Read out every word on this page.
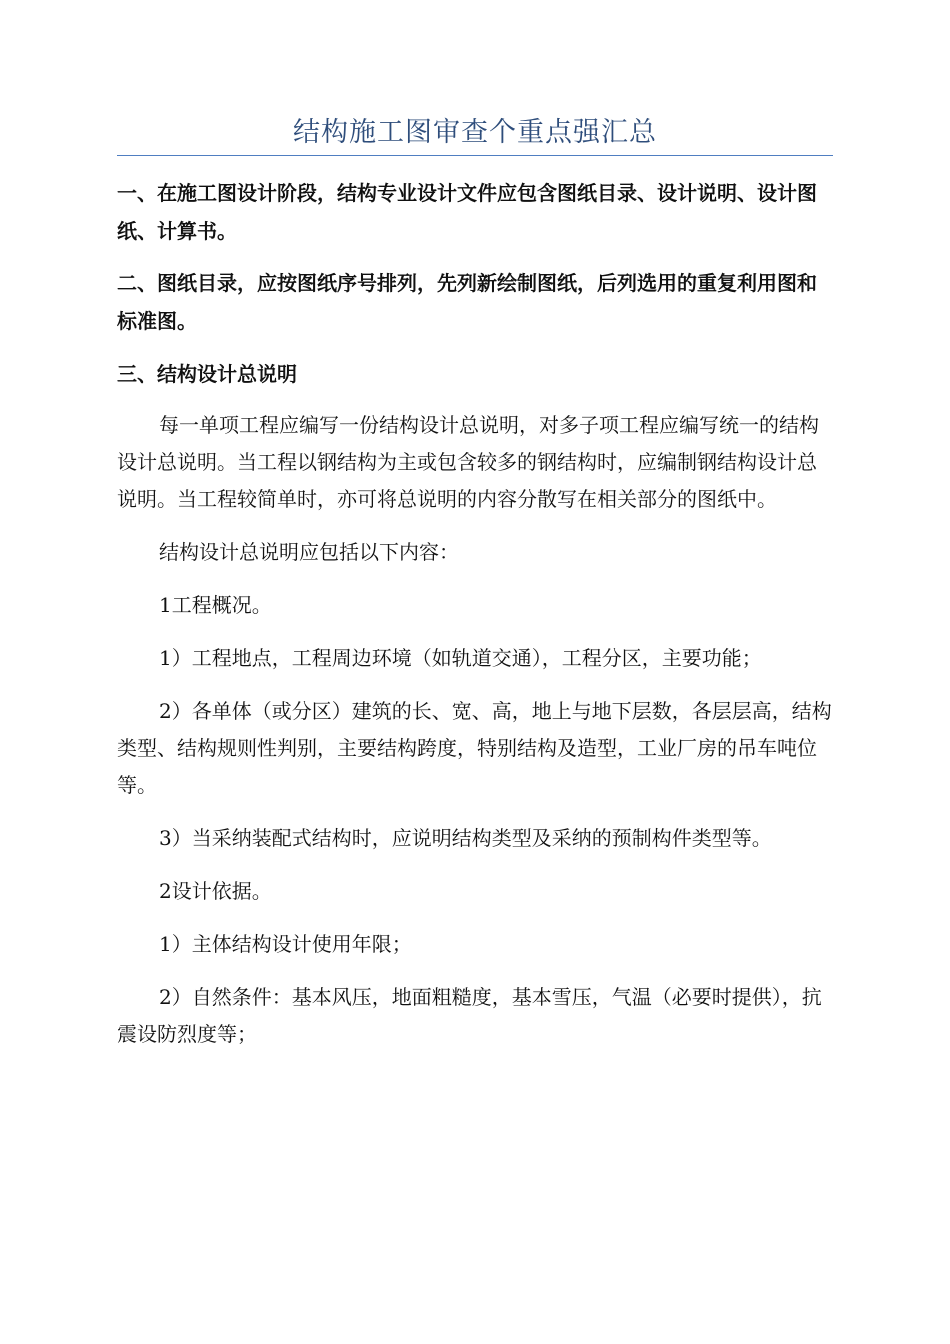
结构施工图审查个重点强汇总

一、在施工图设计阶段，结构专业设计文件应包含图纸目录、设计说明、设计图纸、计算书。

二、图纸目录，应按图纸序号排列，先列新绘制图纸，后列选用的重复利用图和标准图。

三、结构设计总说明

每一单项工程应编写一份结构设计总说明，对多子项工程应编写统一的结构设计总说明。当工程以钢结构为主或包含较多的钢结构时，应编制钢结构设计总说明。当工程较简单时，亦可将总说明的内容分散写在相关部分的图纸中。

结构设计总说明应包括以下内容：

1工程概况。

1）工程地点，工程周边环境（如轨道交通），工程分区，主要功能；

2）各单体（或分区）建筑的长、宽、高，地上与地下层数，各层层高，结构类型、结构规则性判别，主要结构跨度，特别结构及造型，工业厂房的吊车吨位等。

3）当采纳装配式结构时，应说明结构类型及采纳的预制构件类型等。

2设计依据。

1）主体结构设计使用年限；

2）自然条件：基本风压，地面粗糙度，基本雪压，气温（必要时提供），抗震设防烈度等；
